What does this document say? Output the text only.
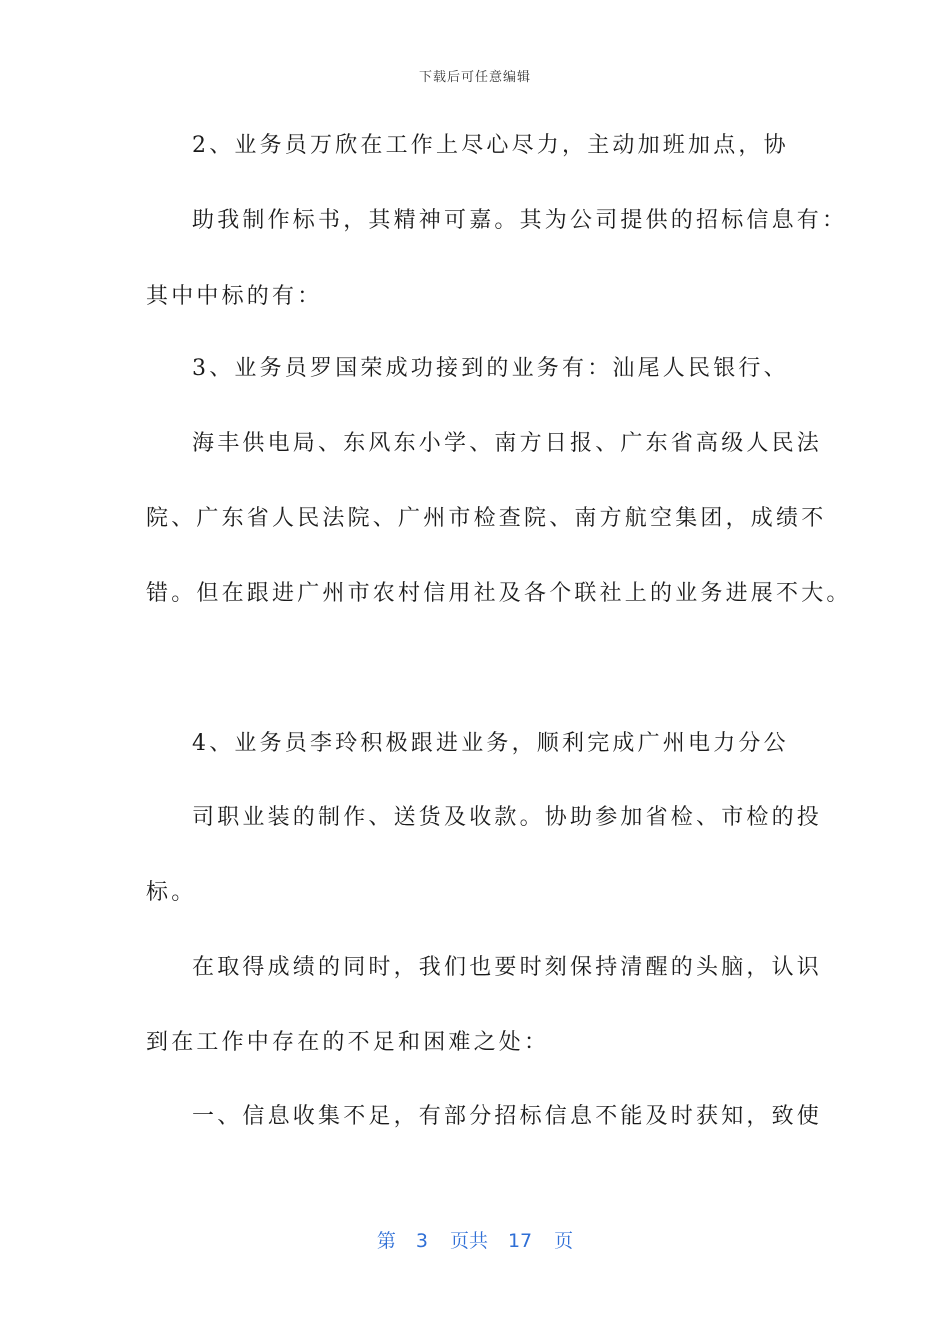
下载后可任意编辑
2、业务员万欣在工作上尽心尽力，主动加班加点，协
助我制作标书，其精神可嘉。其为公司提供的招标信息有：
其中中标的有：
3、业务员罗国荣成功接到的业务有：汕尾人民银行、
海丰供电局、东风东小学、南方日报、广东省高级人民法
院、广东省人民法院、广州市检查院、南方航空集团，成绩不
错。但在跟进广州市农村信用社及各个联社上的业务进展不大。
4、业务员李玲积极跟进业务，顺利完成广州电力分公
司职业装的制作、送货及收款。协助参加省检、市检的投
标。
在取得成绩的同时，我们也要时刻保持清醒的头脑，认识
到在工作中存在的不足和困难之处：
一、信息收集不足，有部分招标信息不能及时获知，致使
第 3 页共 17 页
